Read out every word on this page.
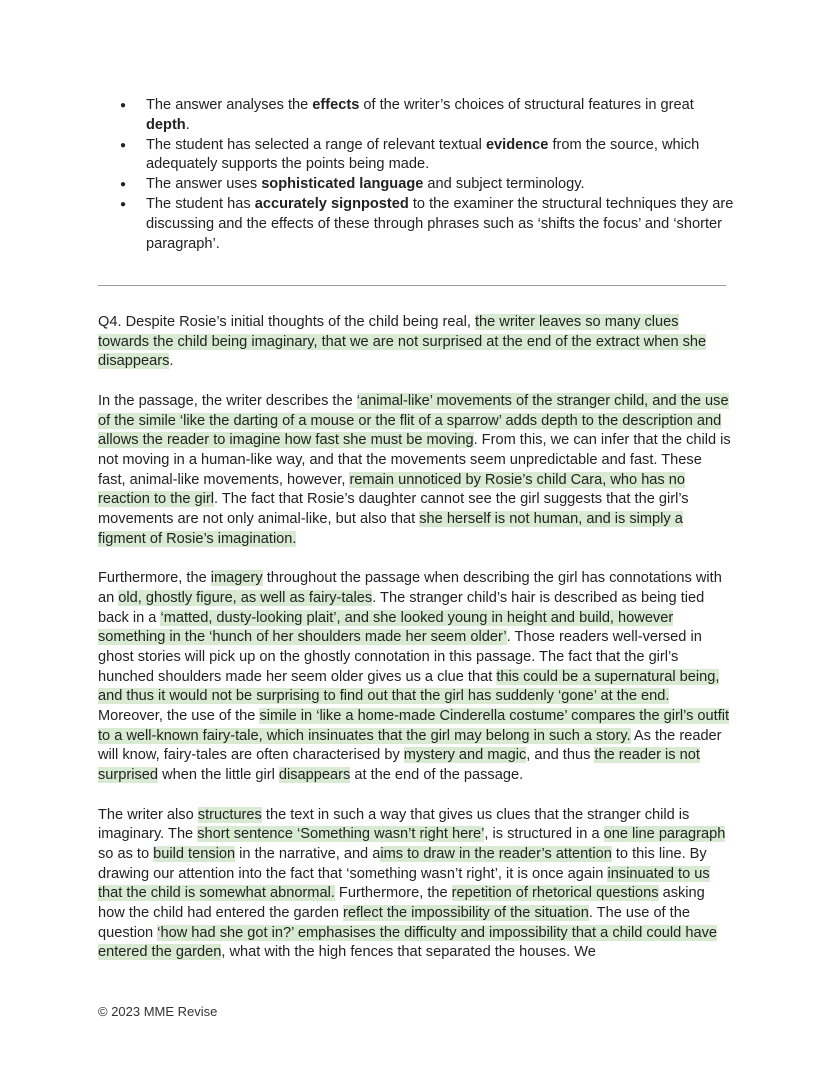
● The answer analyses the effects of the writer’s choices of structural features in great depth.
● The student has selected a range of relevant textual evidence from the source, which adequately supports the points being made.
● The answer uses sophisticated language and subject terminology.
● The student has accurately signposted to the examiner the structural techniques they are discussing and the effects of these through phrases such as ‘shifts the focus’ and ‘shorter paragraph’.

Q4. Despite Rosie’s initial thoughts of the child being real, the writer leaves so many clues towards the child being imaginary, that we are not surprised at the end of the extract when she disappears.

In the passage, the writer describes the ‘animal-like’ movements of the stranger child, and the use of the simile ‘like the darting of a mouse or the flit of a sparrow’ adds depth to the description and allows the reader to imagine how fast she must be moving. From this, we can infer that the child is not moving in a human-like way, and that the movements seem unpredictable and fast. These fast, animal-like movements, however, remain unnoticed by Rosie’s child Cara, who has no reaction to the girl. The fact that Rosie’s daughter cannot see the girl suggests that the girl’s movements are not only animal-like, but also that she herself is not human, and is simply a figment of Rosie’s imagination.

Furthermore, the imagery throughout the passage when describing the girl has connotations with an old, ghostly figure, as well as fairy-tales. The stranger child’s hair is described as being tied back in a ‘matted, dusty-looking plait’, and she looked young in height and build, however something in the ‘hunch of her shoulders made her seem older’. Those readers well-versed in ghost stories will pick up on the ghostly connotation in this passage. The fact that the girl’s hunched shoulders made her seem older gives us a clue that this could be a supernatural being, and thus it would not be surprising to find out that the girl has suddenly ‘gone’ at the end. Moreover, the use of the simile in ‘like a home-made Cinderella costume’ compares the girl’s outfit to a well-known fairy-tale, which insinuates that the girl may belong in such a story. As the reader will know, fairy-tales are often characterised by mystery and magic, and thus the reader is not surprised when the little girl disappears at the end of the passage.

The writer also structures the text in such a way that gives us clues that the stranger child is imaginary. The short sentence ‘Something wasn’t right here’, is structured in a one line paragraph so as to build tension in the narrative, and aims to draw in the reader’s attention to this line. By drawing our attention into the fact that ‘something wasn’t right’, it is once again insinuated to us that the child is somewhat abnormal. Furthermore, the repetition of rhetorical questions asking how the child had entered the garden reflect the impossibility of the situation. The use of the question ‘how had she got in?’ emphasises the difficulty and impossibility that a child could have entered the garden, what with the high fences that separated the houses. We

© 2023 MME Revise
